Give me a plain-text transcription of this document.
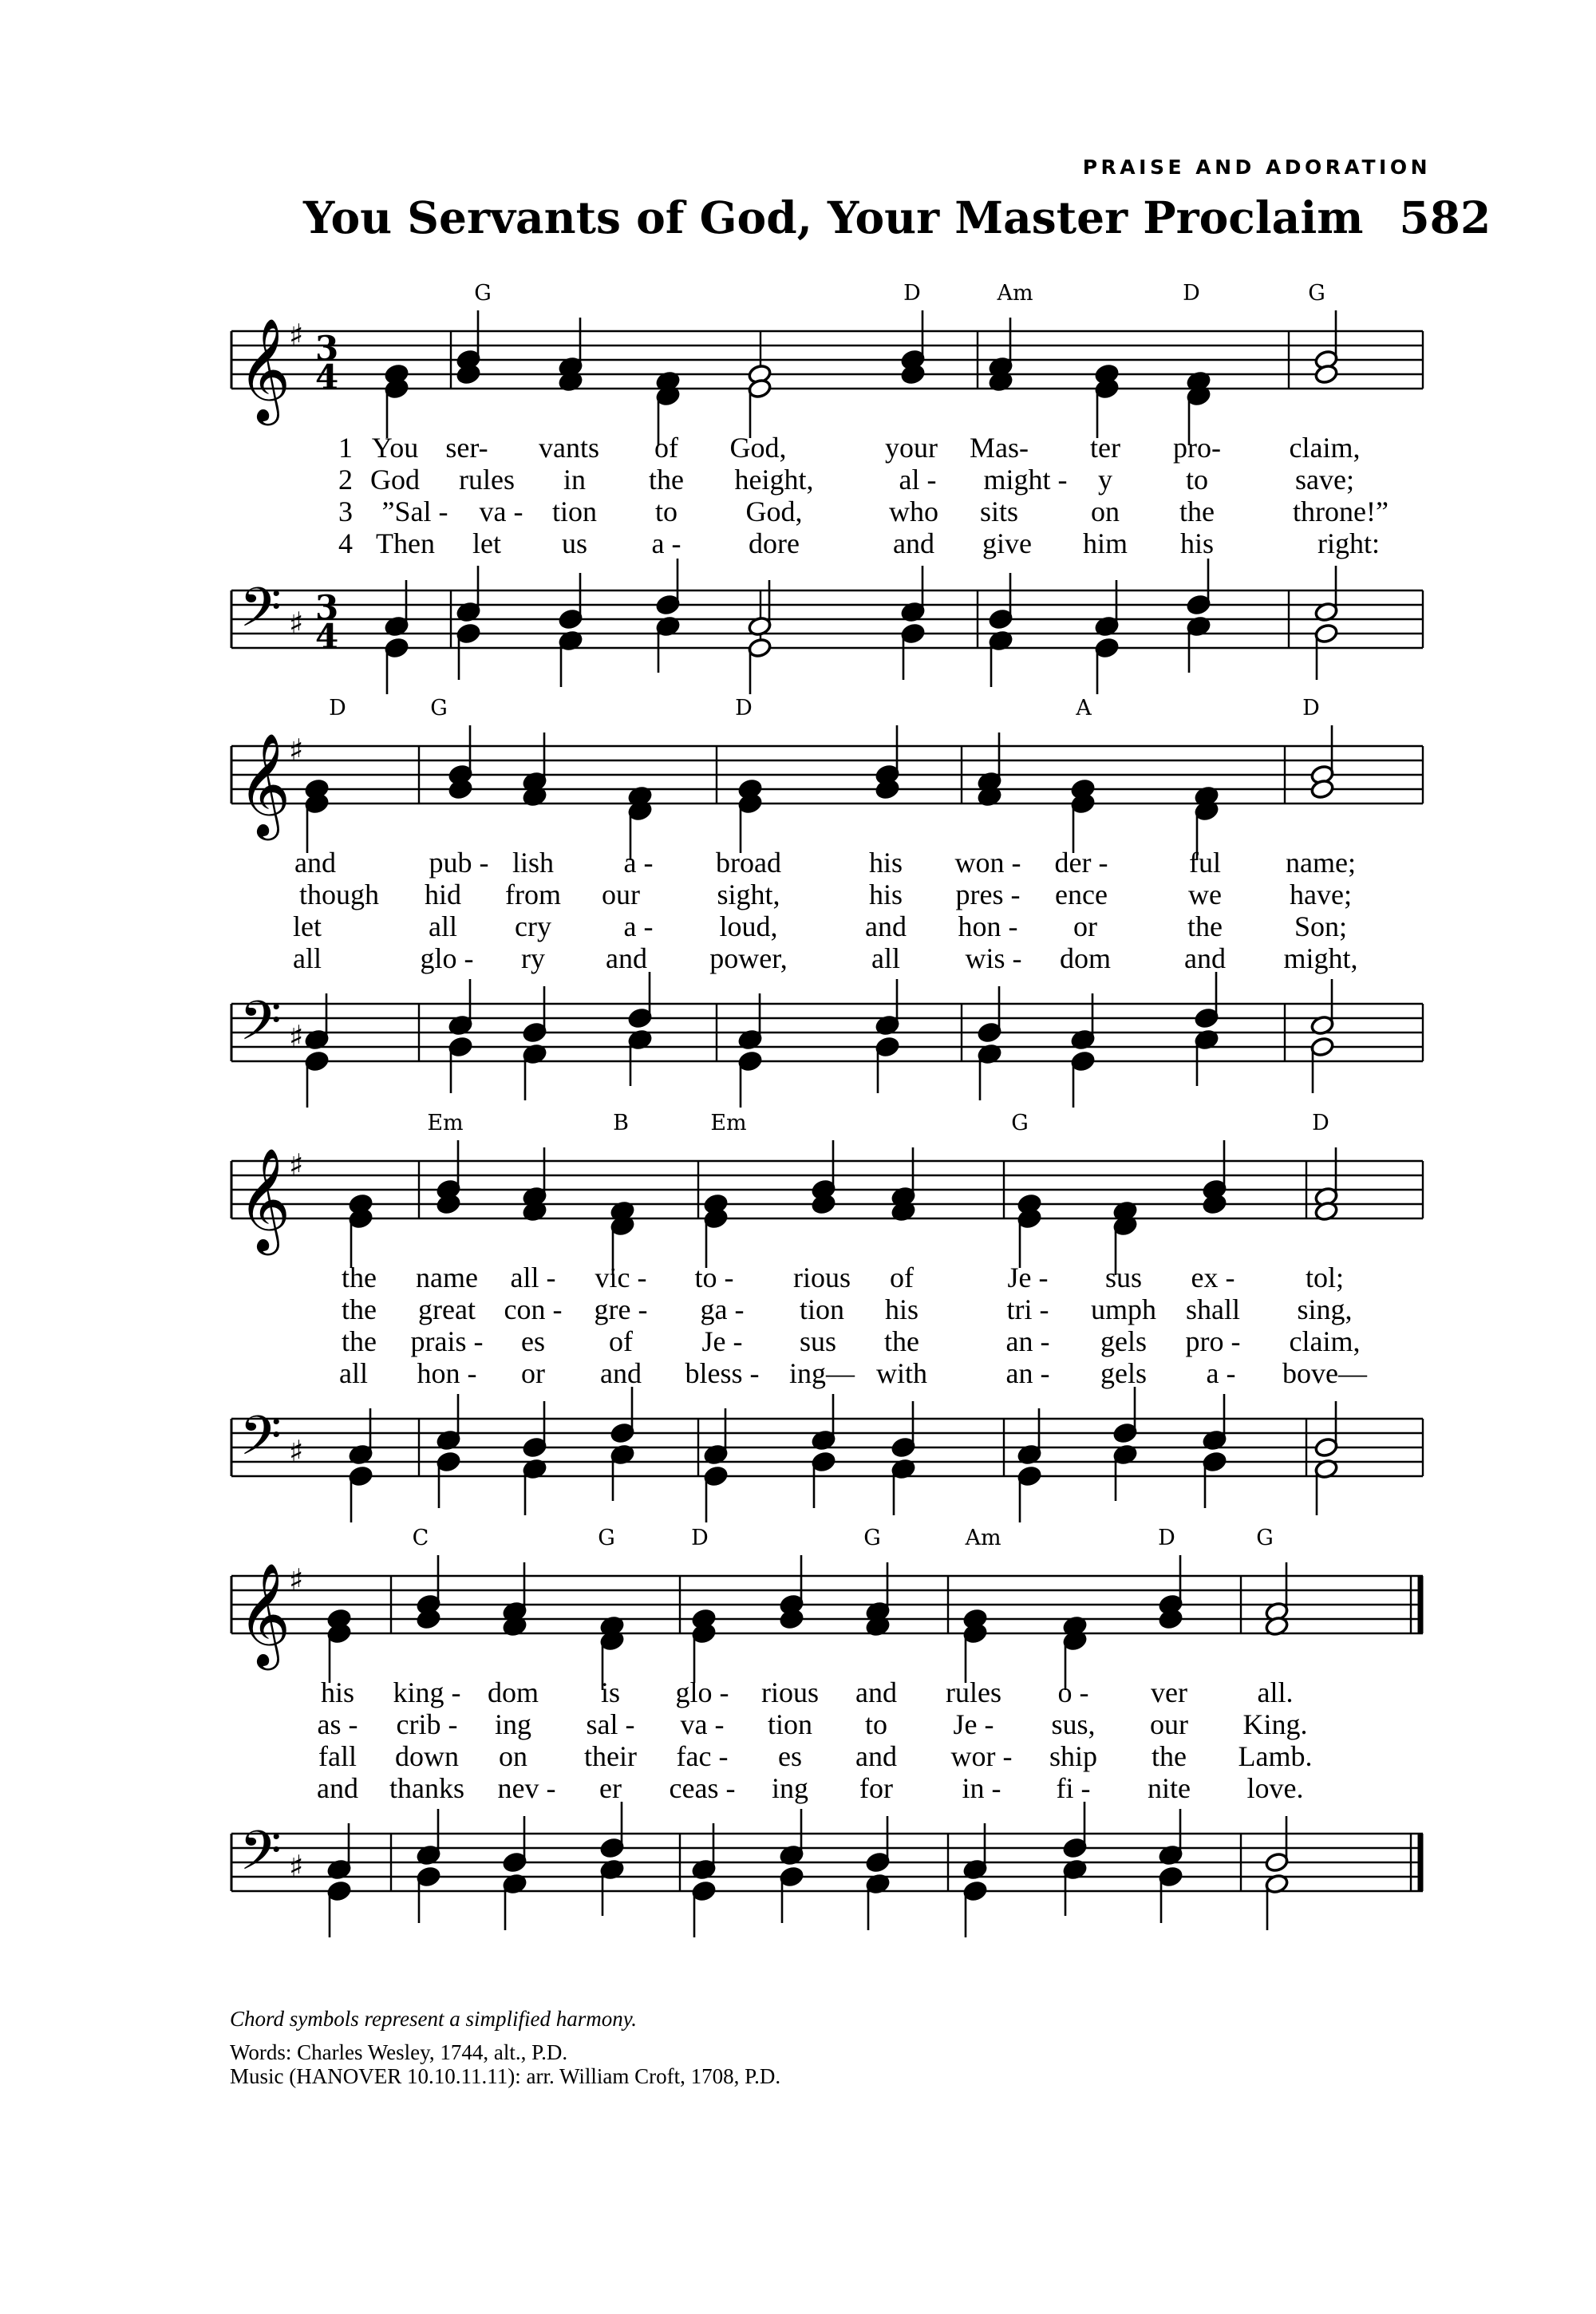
PRAISE AND ADORATION
You Servants of God, Your Master Proclaim 582
𝄞
𝄢
♯
♯
3
4
3
4
𝄞
𝄢
♯
♯
𝄞
𝄢
♯
♯
𝄞
𝄢
♯
♯
G	D	Am	D	G
1 You ser- vants of God,	your Mas- ter pro- claim,
2 God rules in the height,	al - might - y	to	save;
3 ”Sal - va - tion to God,	who sits	on the	throne!”
4 Then let us a - dore	and give him his	right:
D	G	D	A	D
and	pub - lish a - broad	his won - der -	ful name;
though hid from our	sight,	his pres - ence	we have;
let	all cry	a - loud,	and hon - or	the Son;
all	glo - ry and power,	all wis - dom	and might,
Em	B	Em	G	D
the name all - vic - to - rious of	Je - sus ex - tol;
the great con - gre - ga - tion his	tri - umph shall sing,
the prais - es of Je - sus the	an - gels pro - claim,
all hon - or and bless - ing— with	an - gels a - bove—
C	G	D	G	Am	D	G
his king - dom is glo - rious and rules o - ver all.
as - crib - ing sal - va - tion to Je - sus, our King.
fall down on their fac - es and wor - ship the Lamb.
and thanks nev - er ceas - ing for in - fi - nite love.
Chord symbols represent a simplified harmony.
Words: Charles Wesley, 1744, alt., P.D.
Music (HANOVER 10.10.11.11): arr. William Croft, 1708, P.D.
